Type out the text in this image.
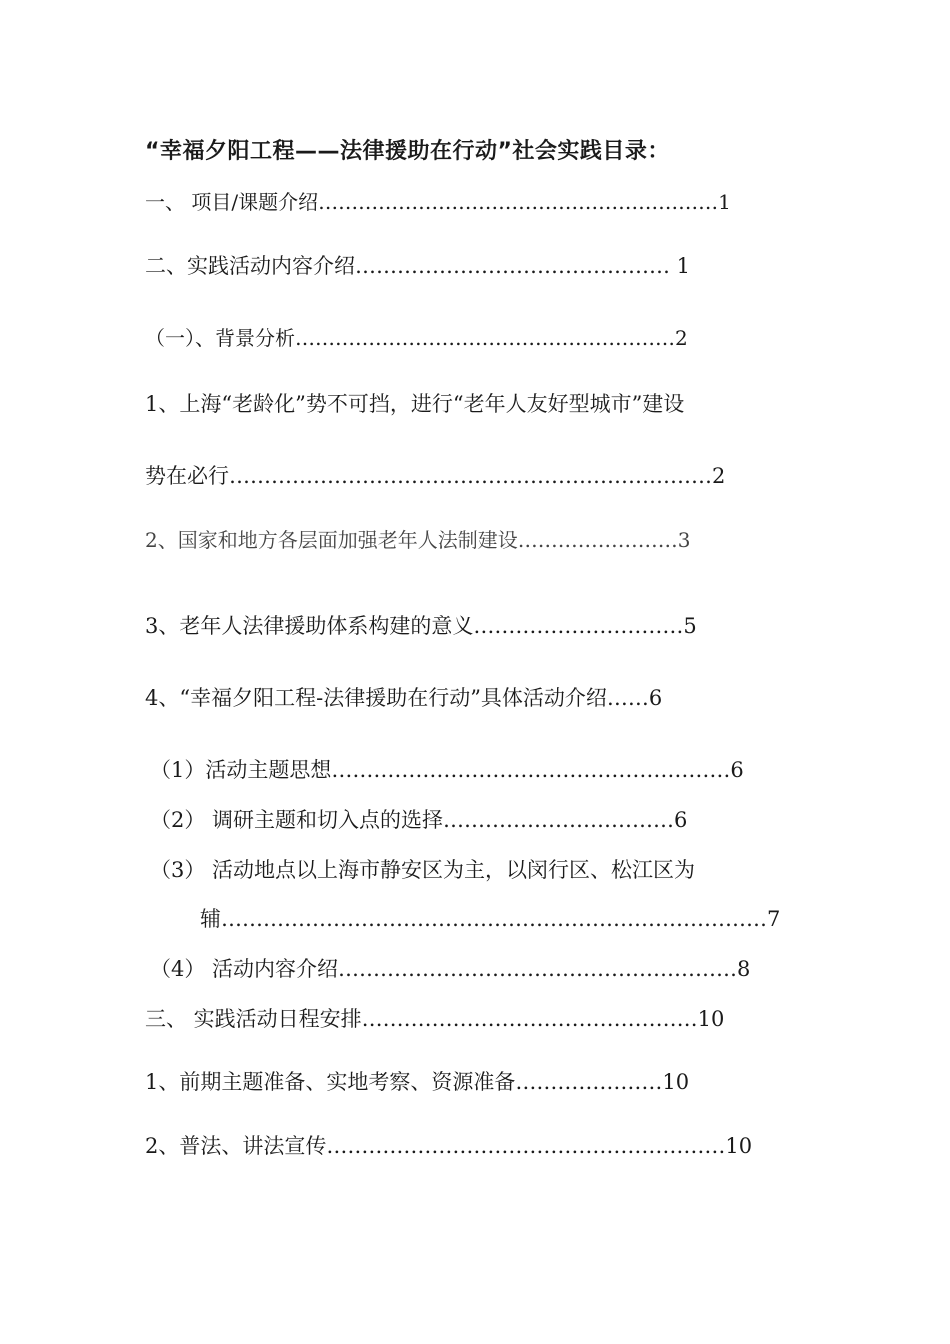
“幸福夕阳工程——法律援助在行动”社会实践目录：
一、 项目/课题介绍……………………………………………………1
二、实践活动内容介绍……………………………………… 1
（一）、背景分析…………………………………………………2
1、上海“老龄化”势不可挡，进行“老年人友好型城市”建设
势在必行……………………………………………………………2
2、国家和地方各层面加强老年人法制建设……………………3
3、老年人法律援助体系构建的意义…………………………5
4、“幸福夕阳工程-法律援助在行动”具体活动介绍……6
（1）活动主题思想…………………………………………………6
（2） 调研主题和切入点的选择……………………………6
（3） 活动地点以上海市静安区为主，以闵行区、松江区为
辅……………………………………………………………………7
（4） 活动内容介绍…………………………………………………8
三、 实践活动日程安排…………………………………………10
1、前期主题准备、实地考察、资源准备…………………10
2、普法、讲法宣传…………………………………………………10
